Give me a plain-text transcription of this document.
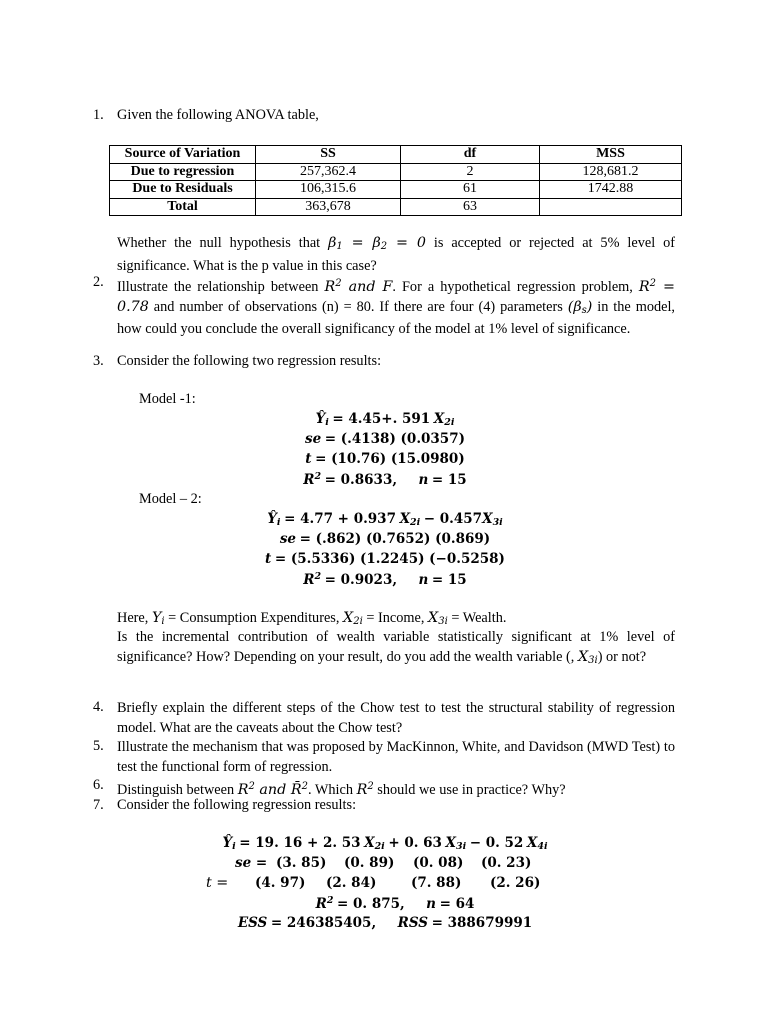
1. Given the following ANOVA table,
Source of Variation	SS	df	MSS
Due to regression	257,362.4	2	128,681.2
Due to Residuals	106,315.6	61	1742.88
Total	363,678	63	
Whether the null hypothesis that $\beta_1 = \beta_2 = 0$ is accepted or rejected at 5% level of significance. What is the p value in this case?
2. Illustrate the relationship between $R^2$ and F. For a hypothetical regression problem, $R^2 = 0.78$ and number of observations (n) = 80. If there are four (4) parameters $(\beta_s)$ in the model, how could you conclude the overall significancy of the model at 1% level of significance.
3. Consider the following two regression results:
Model -1:
$Ŷ_i = 4.45+$. 591 $X_{2i}$
se = (.4138) (0.0357)
t = (10.76) (15.0980)
$R^2 = 0.8633$, n = 15
Model – 2:
$Ŷ_i = 4.77 + 0.937$ $X_{2i} - 0.457X_{3i}$
se = (.862) (0.7652) (0.869)
t = (5.5336) (1.2245) (−0.5258)
$R^2 = 0.9023$, n = 15
Here, $Y_i$ = Consumption Expenditures, $X_{2i}$ = Income, $X_{3i}$ = Wealth.
Is the incremental contribution of wealth variable statistically significant at 1% level of significance? How? Depending on your result, do you add the wealth variable (, $X_{3i}$) or not?
4. Briefly explain the different steps of the Chow test to test the structural stability of regression model. What are the caveats about the Chow test?
5. Illustrate the mechanism that was proposed by MacKinnon, White, and Davidson (MWD Test) to test the functional form of regression.
6. Distinguish between $R^2$ and R̄$^2$. Which $R^2$ should we use in practice? Why?
7. Consider the following regression results:
$Ŷ_i = 19$. 16 + 2. 53 $X_{2i} + 0$. 63 $X_{3i} - 0$. 52 $X_{4i}$
se = (3. 85) (0. 89) (0. 08) (0. 23)
t = (4. 97) (2. 84)	(7. 88) (2. 26)
$R^2 = 0$. 875, n = 64
ESS = 246385405, RSS = 388679991
